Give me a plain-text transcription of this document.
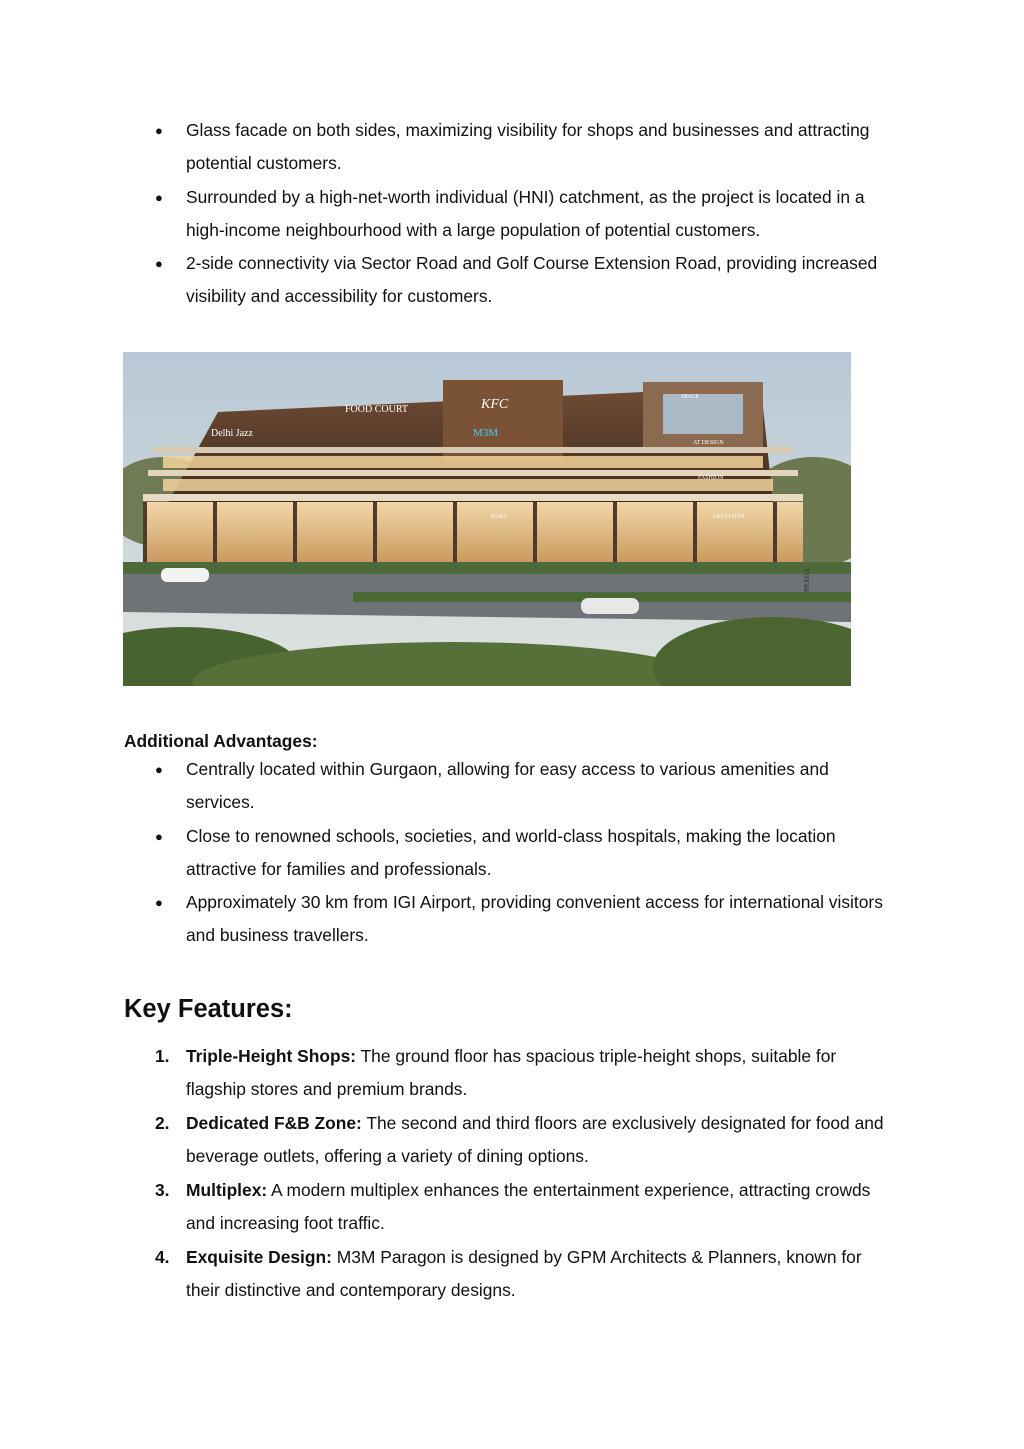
● Glass facade on both sides, maximizing visibility for shops and businesses and attracting potential customers.
● Surrounded by a high-net-worth individual (HNI) catchment, as the project is located in a high-income neighbourhood with a large population of potential customers.
● 2-side connectivity via Sector Road and Golf Course Extension Road, providing increased visibility and accessibility for customers.
FOOD COURT	KFC
M3M
Delhi Jazz
SPACE
AT DESIGN
FASHION
ZARA	LIO CLOTH
PRADA
Additional Advantages:
● Centrally located within Gurgaon, allowing for easy access to various amenities and services.
● Close to renowned schools, societies, and world-class hospitals, making the location attractive for families and professionals.
● Approximately 30 km from IGI Airport, providing convenient access for international visitors and business travellers.
Key Features:
1. Triple-Height Shops: The ground floor has spacious triple-height shops, suitable for flagship stores and premium brands.
2. Dedicated F&B Zone: The second and third floors are exclusively designated for food and beverage outlets, offering a variety of dining options.
3. Multiplex: A modern multiplex enhances the entertainment experience, attracting crowds and increasing foot traffic.
4. Exquisite Design: M3M Paragon is designed by GPM Architects & Planners, known for their distinctive and contemporary designs.
